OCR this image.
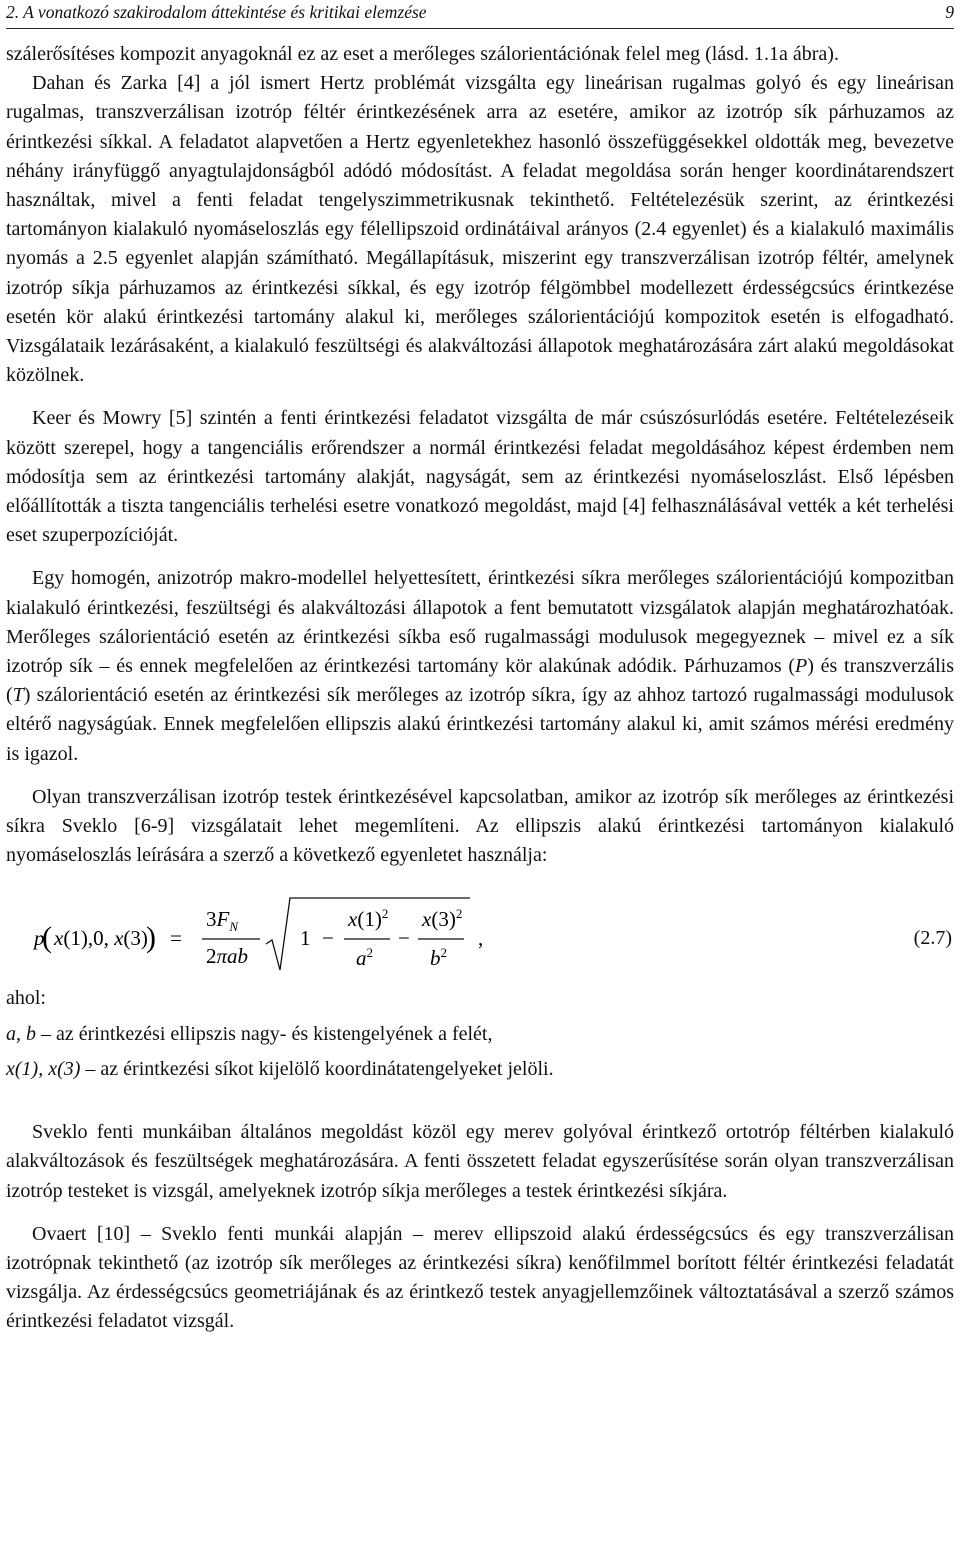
2. A vonatkozó szakirodalom áttekintése és kritikai elemzése	9

szálerősítéses kompozit anyagoknál ez az eset a merőleges szálorientációnak felel meg (lásd. 1.1a ábra).

Dahan és Zarka [4] a jól ismert Hertz problémát vizsgálta egy lineárisan rugalmas golyó és egy lineárisan rugalmas, transzverzálisan izotróp féltér érintkezésének arra az esetére, amikor az izotróp sík párhuzamos az érintkezési síkkal. A feladatot alapvetően a Hertz egyenletekhez hasonló összefüggésekkel oldották meg, bevezetve néhány irányfüggő anyagtulajdonságból adódó módosítást. A feladat megoldása során henger koordinátarendszert használtak, mivel a fenti feladat tengelyszimmetrikusnak tekinthető. Feltételezésük szerint, az érintkezési tartományon kialakuló nyomáseloszlás egy félellipszoid ordinátáival arányos (2.4 egyenlet) és a kialakuló maximális nyomás a 2.5 egyenlet alapján számítható. Megállapításuk, miszerint egy transzverzálisan izotróp féltér, amelynek izotróp síkja párhuzamos az érintkezési síkkal, és egy izotróp félgömbbel modellezett érdességcsúcs érintkezése esetén kör alakú érintkezési tartomány alakul ki, merőleges szálorientációjú kompozitok esetén is elfogadható. Vizsgálataik lezárásaként, a kialakuló feszültségi és alakváltozási állapotok meghatározására zárt alakú megoldásokat közölnek.

Keer és Mowry [5] szintén a fenti érintkezési feladatot vizsgálta de már csúszósurlódás esetére. Feltételezéseik között szerepel, hogy a tangenciális erőrendszer a normál érintkezési feladat megoldásához képest érdemben nem módosítja sem az érintkezési tartomány alakját, nagyságát, sem az érintkezési nyomáseloszlást. Első lépésben előállították a tiszta tangenciális terhelési esetre vonatkozó megoldást, majd [4] felhasználásával vették a két terhelési eset szuperpozícióját.

Egy homogén, anizotróp makro-modellel helyettesített, érintkezési síkra merőleges szálorientációjú kompozitban kialakuló érintkezési, feszültségi és alakváltozási állapotok a fent bemutatott vizsgálatok alapján meghatározhatóak. Merőleges szálorientáció esetén az érintkezési síkba eső rugalmassági modulusok megegyeznek – mivel ez a sík izotróp sík – és ennek megfelelően az érintkezési tartomány kör alakúnak adódik. Párhuzamos (P) és transzverzális (T) szálorientáció esetén az érintkezési sík merőleges az izotróp síkra, így az ahhoz tartozó rugalmassági modulusok eltérő nagyságúak. Ennek megfelelően ellipszis alakú érintkezési tartomány alakul ki, amit számos mérési eredmény is igazol.

Olyan transzverzálisan izotróp testek érintkezésével kapcsolatban, amikor az izotróp sík merőleges az érintkezési síkra Sveklo [6-9] vizsgálatait lehet megemlíteni. Az ellipszis alakú érintkezési tartományon kialakuló nyomáseloszlás leírására a szerző a következő egyenletet használja:

p
( x(1),0, x(3)
) =
$3F_N$
2πab
1 −
$x(1)^2$
$a^2$
−
$x(3)^2$
$b^2$
,	(2.7)

ahol:

a, b – az érintkezési ellipszis nagy- és kistengelyének a felét,

x(1), x(3) – az érintkezési síkot kijelölő koordinátatengelyeket jelöli.

Sveklo fenti munkáiban általános megoldást közöl egy merev golyóval érintkező ortotróp féltérben kialakuló alakváltozások és feszültségek meghatározására. A fenti összetett feladat egyszerűsítése során olyan transzverzálisan izotróp testeket is vizsgál, amelyeknek izotróp síkja merőleges a testek érintkezési síkjára.

Ovaert [10] – Sveklo fenti munkái alapján – merev ellipszoid alakú érdességcsúcs és egy transzverzálisan izotrópnak tekinthető (az izotróp sík merőleges az érintkezési síkra) kenőfilmmel borított féltér érintkezési feladatát vizsgálja. Az érdességcsúcs geometriájának és az érintkező testek anyagjellemzőinek változtatásával a szerző számos érintkezési feladatot vizsgál.
